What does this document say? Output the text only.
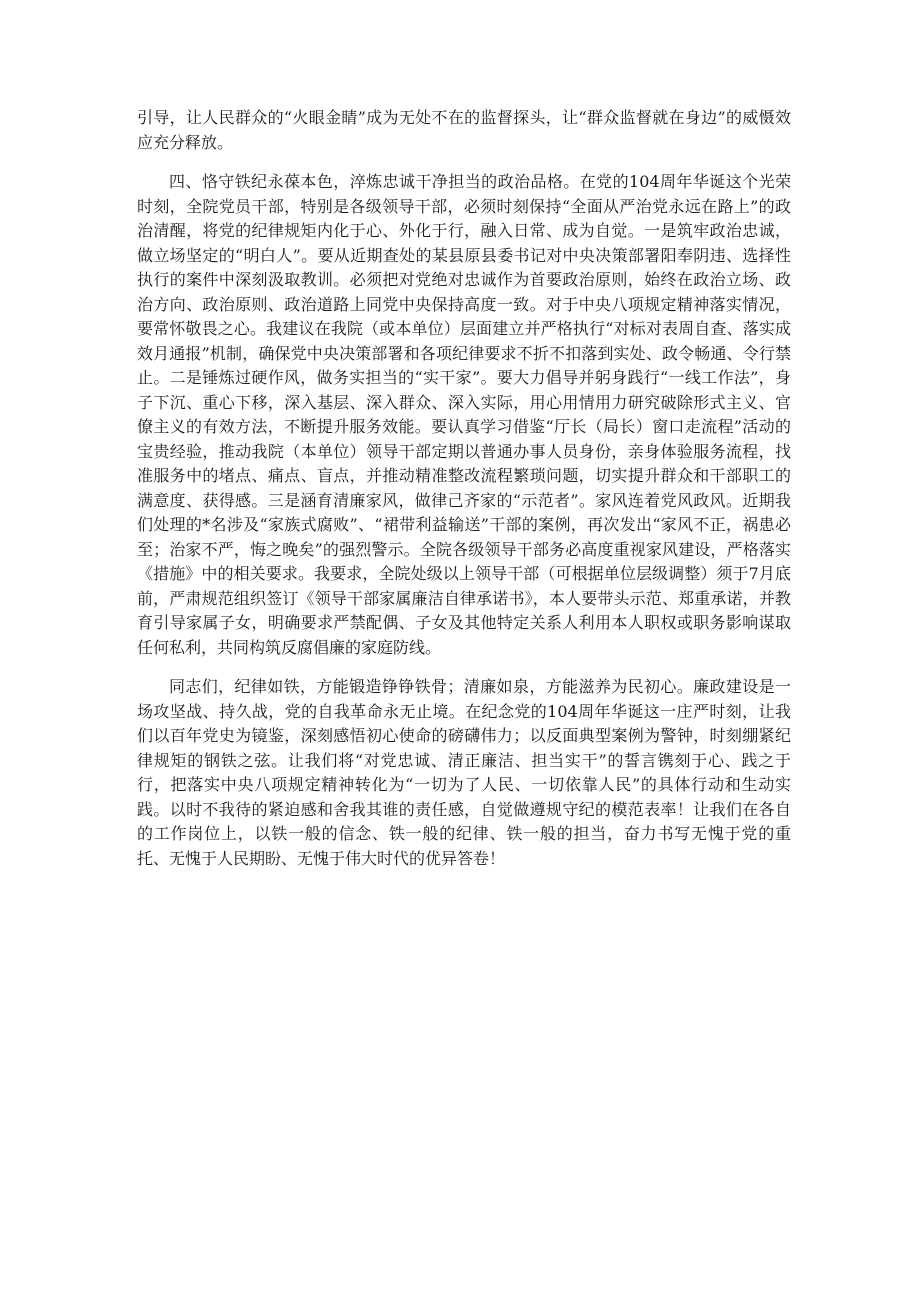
引导，让人民群众的“火眼金睛”成为无处不在的监督探头，让“群众监督就在身边”的威慑效应充分释放。

四、恪守铁纪永葆本色，淬炼忠诚干净担当的政治品格。在党的104周年华诞这个光荣时刻，全院党员干部，特别是各级领导干部，必须时刻保持“全面从严治党永远在路上”的政治清醒，将党的纪律规矩内化于心、外化于行，融入日常、成为自觉。一是筑牢政治忠诚，做立场坚定的“明白人”。要从近期查处的某县原县委书记对中央决策部署阳奉阴违、选择性执行的案件中深刻汲取教训。必须把对党绝对忠诚作为首要政治原则，始终在政治立场、政治方向、政治原则、政治道路上同党中央保持高度一致。对于中央八项规定精神落实情况，要常怀敬畏之心。我建议在我院（或本单位）层面建立并严格执行“对标对表周自查、落实成效月通报”机制，确保党中央决策部署和各项纪律要求不折不扣落到实处、政令畅通、令行禁止。二是锤炼过硬作风，做务实担当的“实干家”。要大力倡导并躬身践行“一线工作法”，身子下沉、重心下移，深入基层、深入群众、深入实际，用心用情用力研究破除形式主义、官僚主义的有效方法，不断提升服务效能。要认真学习借鉴“厅长（局长）窗口走流程”活动的宝贵经验，推动我院（本单位）领导干部定期以普通办事人员身份，亲身体验服务流程，找准服务中的堵点、痛点、盲点，并推动精准整改流程繁琐问题，切实提升群众和干部职工的满意度、获得感。三是涵育清廉家风，做律己齐家的“示范者”。家风连着党风政风。近期我们处理的*名涉及“家族式腐败”、“裙带利益输送”干部的案例，再次发出“家风不正，祸患必至；治家不严，悔之晚矣”的强烈警示。全院各级领导干部务必高度重视家风建设，严格落实《措施》中的相关要求。我要求，全院处级以上领导干部（可根据单位层级调整）须于7月底前，严肃规范组织签订《领导干部家属廉洁自律承诺书》，本人要带头示范、郑重承诺，并教育引导家属子女，明确要求严禁配偶、子女及其他特定关系人利用本人职权或职务影响谋取任何私利，共同构筑反腐倡廉的家庭防线。

同志们，纪律如铁，方能锻造铮铮铁骨；清廉如泉，方能滋养为民初心。廉政建设是一场攻坚战、持久战，党的自我革命永无止境。在纪念党的104周年华诞这一庄严时刻，让我们以百年党史为镜鉴，深刻感悟初心使命的磅礴伟力；以反面典型案例为警钟，时刻绷紧纪律规矩的钢铁之弦。让我们将“对党忠诚、清正廉洁、担当实干”的誓言镌刻于心、践之于行，把落实中央八项规定精神转化为“一切为了人民、一切依靠人民”的具体行动和生动实践。以时不我待的紧迫感和舍我其谁的责任感，自觉做遵规守纪的模范表率！让我们在各自的工作岗位上，以铁一般的信念、铁一般的纪律、铁一般的担当，奋力书写无愧于党的重托、无愧于人民期盼、无愧于伟大时代的优异答卷！
